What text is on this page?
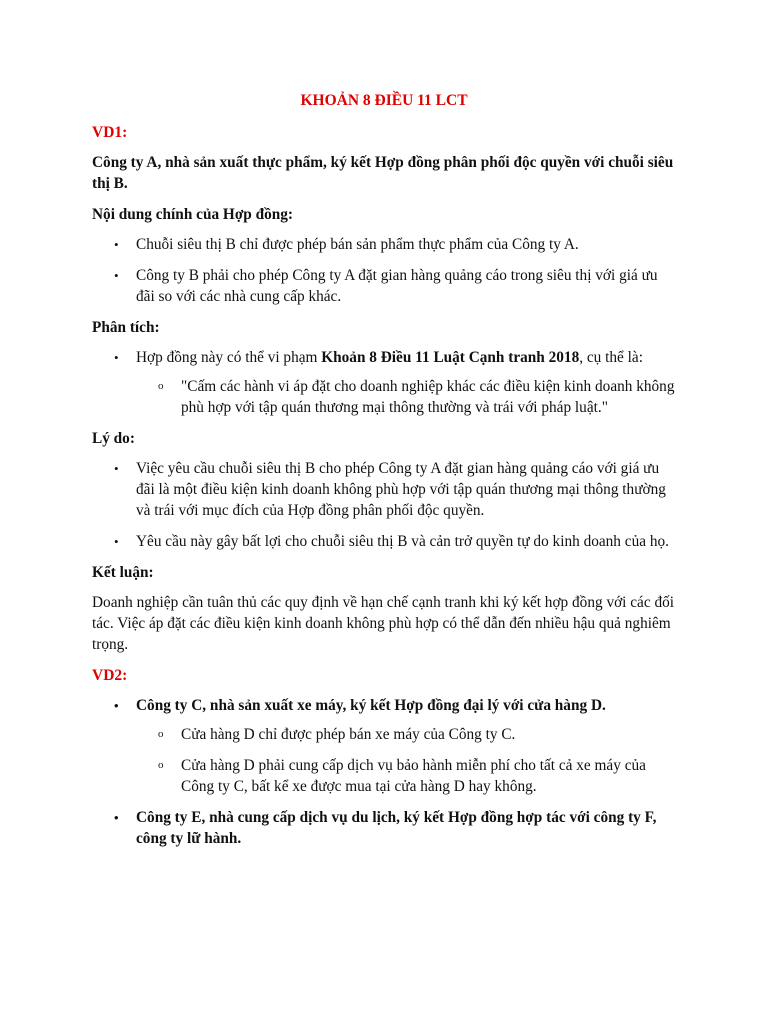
KHOẢN 8 ĐIỀU 11 LCT
VD1:
Công ty A, nhà sản xuất thực phẩm, ký kết Hợp đồng phân phối độc quyền với chuỗi siêu thị B.
Nội dung chính của Hợp đồng:
• Chuỗi siêu thị B chỉ được phép bán sản phẩm thực phẩm của Công ty A.
• Công ty B phải cho phép Công ty A đặt gian hàng quảng cáo trong siêu thị với giá ưu đãi so với các nhà cung cấp khác.
Phân tích:
• Hợp đồng này có thể vi phạm Khoản 8 Điều 11 Luật Cạnh tranh 2018, cụ thể là:
o "Cấm các hành vi áp đặt cho doanh nghiệp khác các điều kiện kinh doanh không phù hợp với tập quán thương mại thông thường và trái với pháp luật."
Lý do:
• Việc yêu cầu chuỗi siêu thị B cho phép Công ty A đặt gian hàng quảng cáo với giá ưu đãi là một điều kiện kinh doanh không phù hợp với tập quán thương mại thông thường và trái với mục đích của Hợp đồng phân phối độc quyền.
• Yêu cầu này gây bất lợi cho chuỗi siêu thị B và cản trở quyền tự do kinh doanh của họ.
Kết luận:
Doanh nghiệp cần tuân thủ các quy định về hạn chế cạnh tranh khi ký kết hợp đồng với các đối tác. Việc áp đặt các điều kiện kinh doanh không phù hợp có thể dẫn đến nhiều hậu quả nghiêm trọng.
VD2:
• Công ty C, nhà sản xuất xe máy, ký kết Hợp đồng đại lý với cửa hàng D.
o Cửa hàng D chỉ được phép bán xe máy của Công ty C.
o Cửa hàng D phải cung cấp dịch vụ bảo hành miễn phí cho tất cả xe máy của Công ty C, bất kể xe được mua tại cửa hàng D hay không.
• Công ty E, nhà cung cấp dịch vụ du lịch, ký kết Hợp đồng hợp tác với công ty F, công ty lữ hành.
